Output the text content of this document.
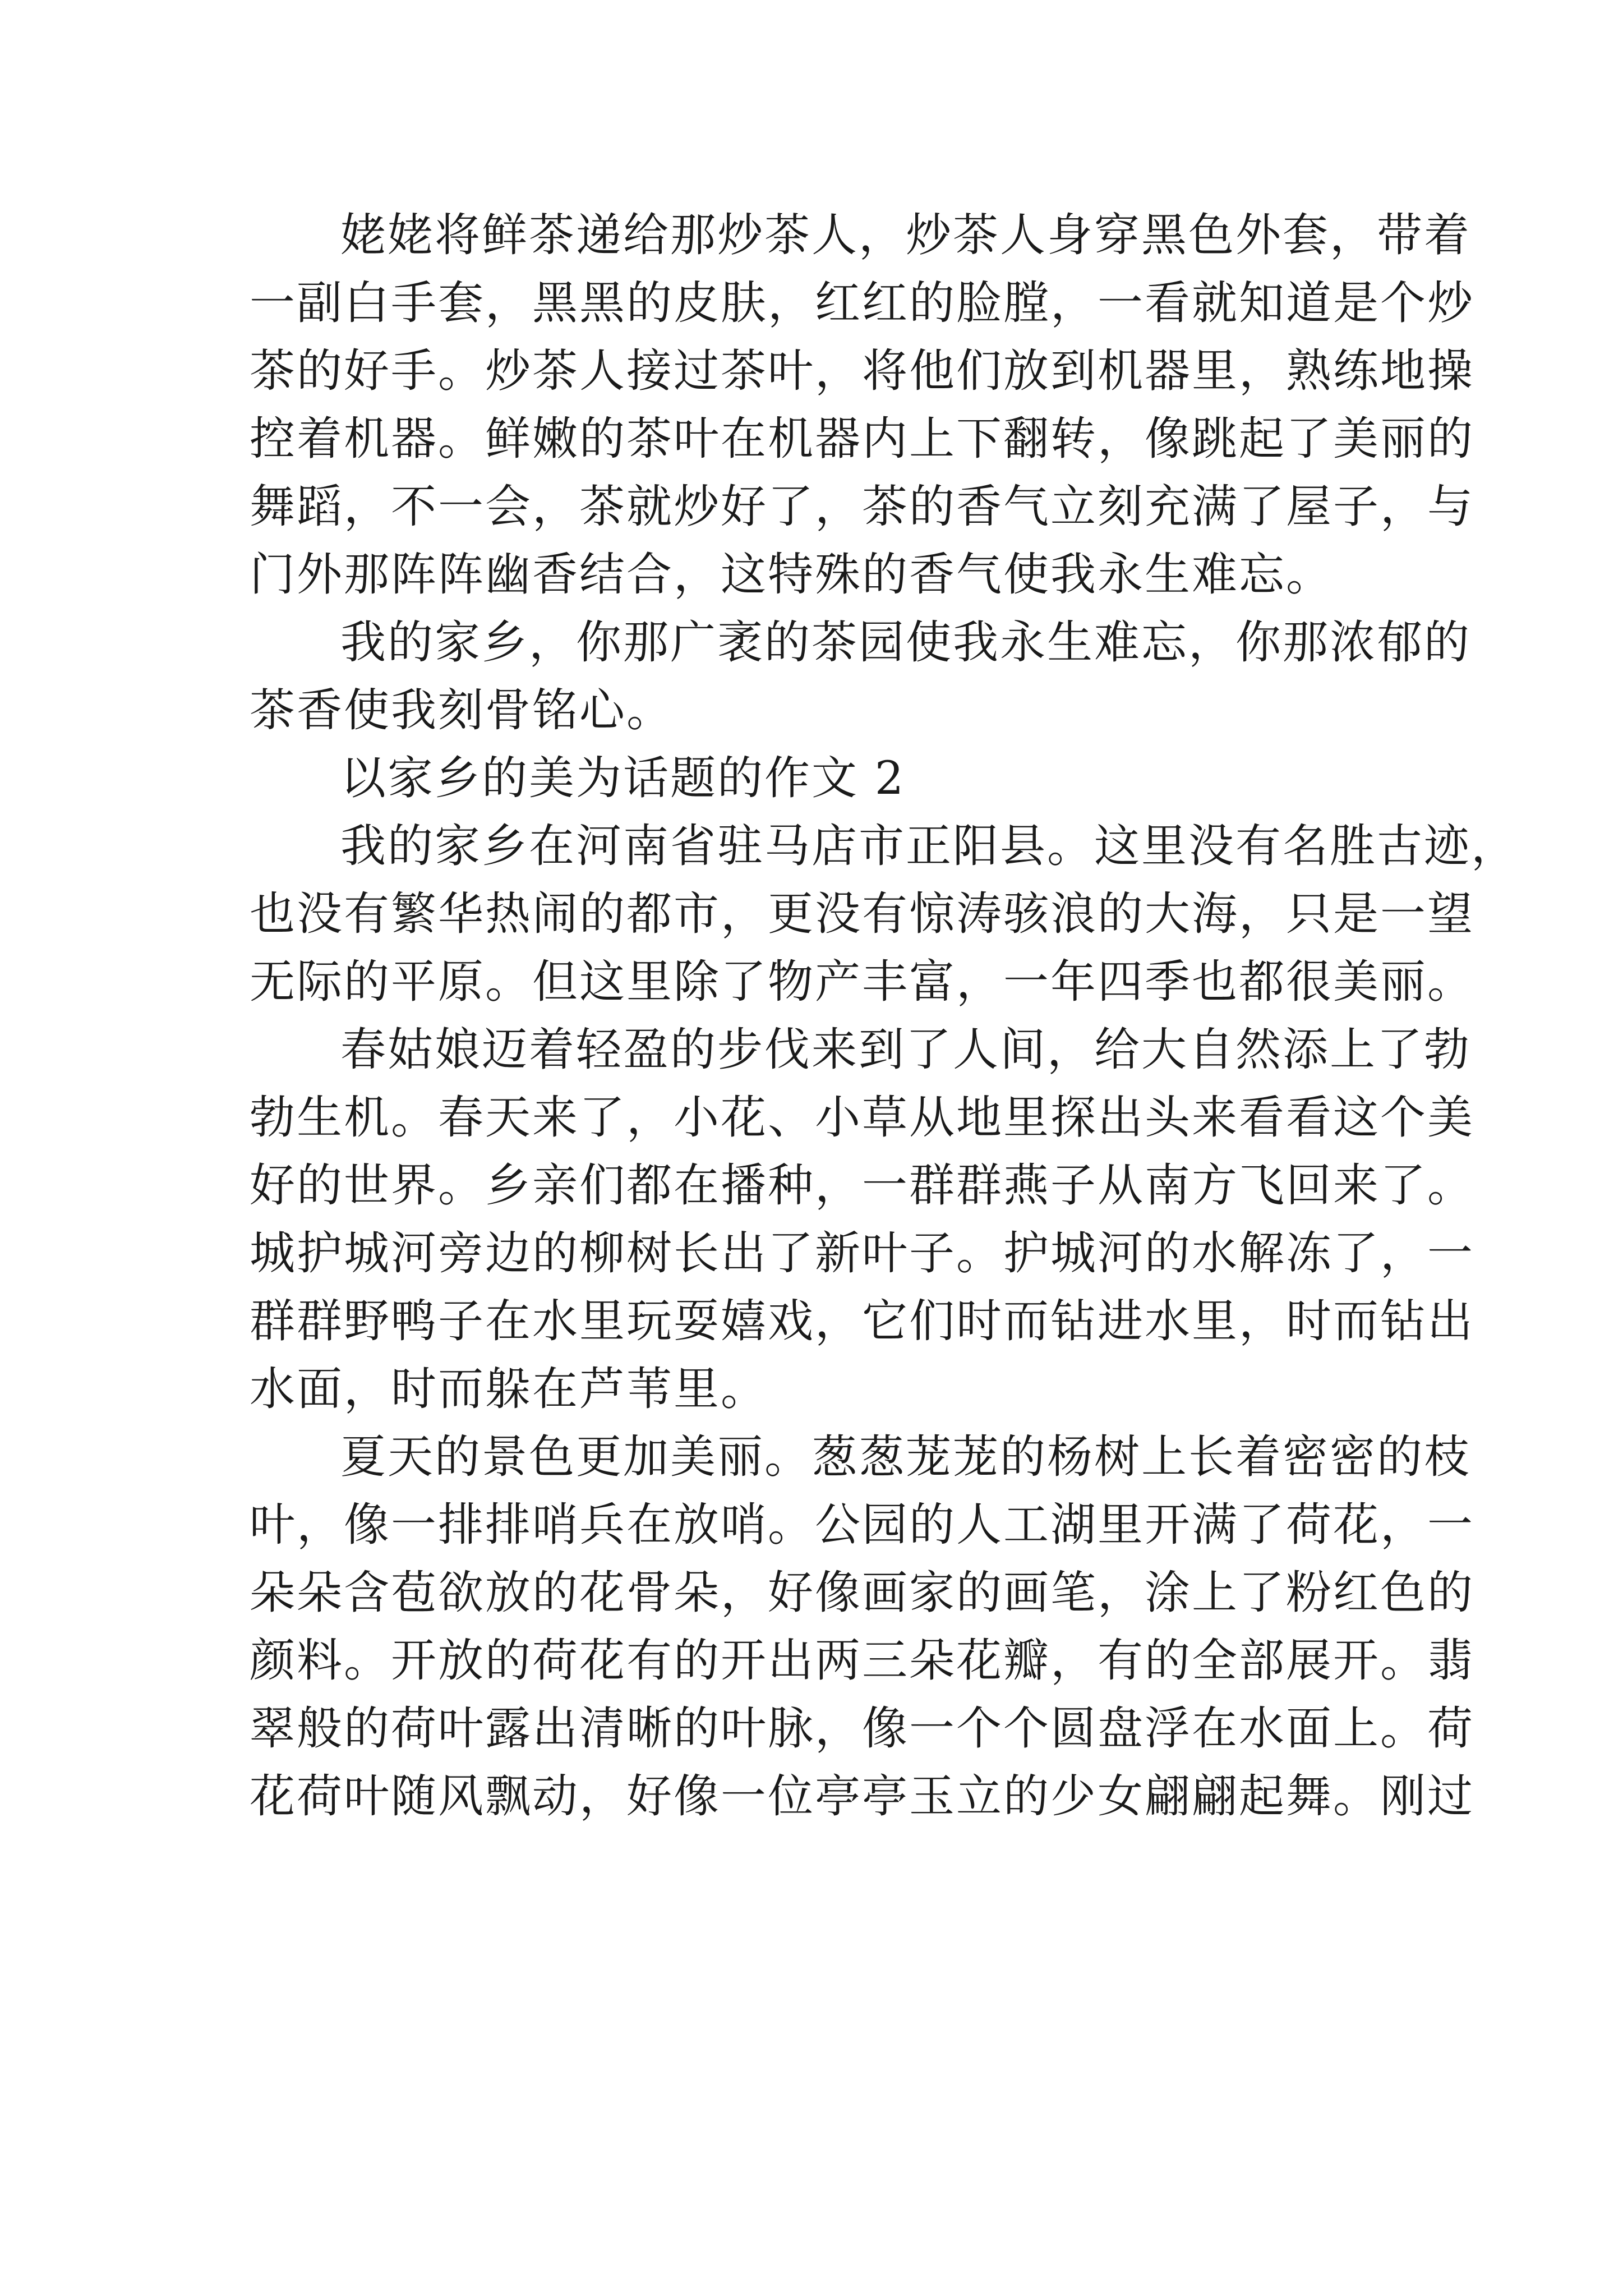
姥姥将鲜茶递给那炒茶人，炒茶人身穿黑色外套，带着
一副白手套，黑黑的皮肤，红红的脸膛，一看就知道是个炒
茶的好手。炒茶人接过茶叶，将他们放到机器里，熟练地操
控着机器。鲜嫩的茶叶在机器内上下翻转，像跳起了美丽的
舞蹈，不一会，茶就炒好了，茶的香气立刻充满了屋子，与
门外那阵阵幽香结合，这特殊的香气使我永生难忘。
我的家乡，你那广袤的茶园使我永生难忘，你那浓郁的
茶香使我刻骨铭心。
以家乡的美为话题的作文 2
我的家乡在河南省驻马店市正阳县。这里没有名胜古迹，
也没有繁华热闹的都市，更没有惊涛骇浪的大海，只是一望
无际的平原。但这里除了物产丰富，一年四季也都很美丽。
春姑娘迈着轻盈的步伐来到了人间，给大自然添上了勃
勃生机。春天来了，小花、小草从地里探出头来看看这个美
好的世界。乡亲们都在播种，一群群燕子从南方飞回来了。
城护城河旁边的柳树长出了新叶子。护城河的水解冻了，一
群群野鸭子在水里玩耍嬉戏，它们时而钻进水里，时而钻出
水面，时而躲在芦苇里。
夏天的景色更加美丽。葱葱茏茏的杨树上长着密密的枝
叶，像一排排哨兵在放哨。公园的人工湖里开满了荷花，一
朵朵含苞欲放的花骨朵，好像画家的画笔，涂上了粉红色的
颜料。开放的荷花有的开出两三朵花瓣，有的全部展开。翡
翠般的荷叶露出清晰的叶脉，像一个个圆盘浮在水面上。荷
花荷叶随风飘动，好像一位亭亭玉立的少女翩翩起舞。刚过
